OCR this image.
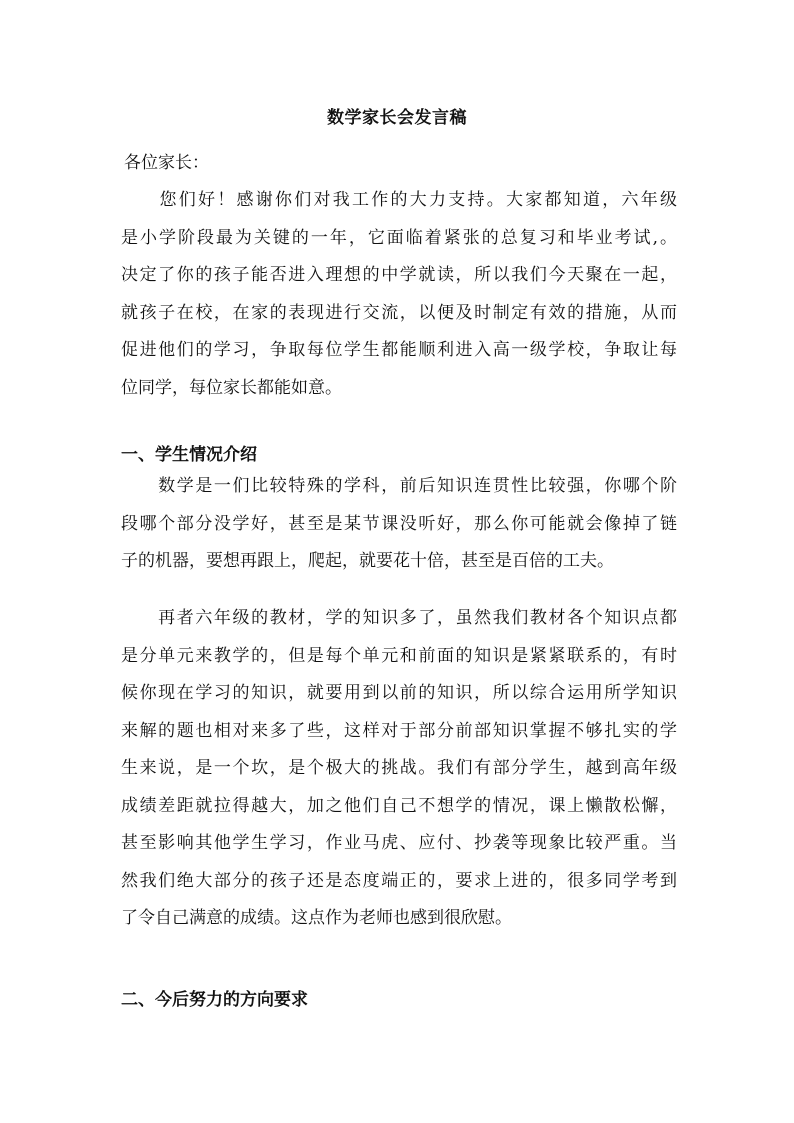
数学家长会发言稿
各位家长：
　　您们好！感谢你们对我工作的大力支持。大家都知道，六年级
是小学阶段最为关键的一年，它面临着紧张的总复习和毕业考试,。
决定了你的孩子能否进入理想的中学就读，所以我们今天聚在一起，
就孩子在校，在家的表现进行交流，以便及时制定有效的措施，从而
促进他们的学习，争取每位学生都能顺利进入高一级学校，争取让每
位同学，每位家长都能如意。
一、学生情况介绍
　　数学是一们比较特殊的学科，前后知识连贯性比较强，你哪个阶
段哪个部分没学好，甚至是某节课没听好，那么你可能就会像掉了链
子的机器，要想再跟上，爬起，就要花十倍，甚至是百倍的工夫。
　　再者六年级的教材，学的知识多了，虽然我们教材各个知识点都
是分单元来教学的，但是每个单元和前面的知识是紧紧联系的，有时
候你现在学习的知识，就要用到以前的知识，所以综合运用所学知识
来解的题也相对来多了些，这样对于部分前部知识掌握不够扎实的学
生来说，是一个坎，是个极大的挑战。我们有部分学生，越到高年级
成绩差距就拉得越大，加之他们自己不想学的情况，课上懒散松懈，
甚至影响其他学生学习，作业马虎、应付、抄袭等现象比较严重。当
然我们绝大部分的孩子还是态度端正的，要求上进的，很多同学考到
了令自己满意的成绩。这点作为老师也感到很欣慰。
二、今后努力的方向要求
